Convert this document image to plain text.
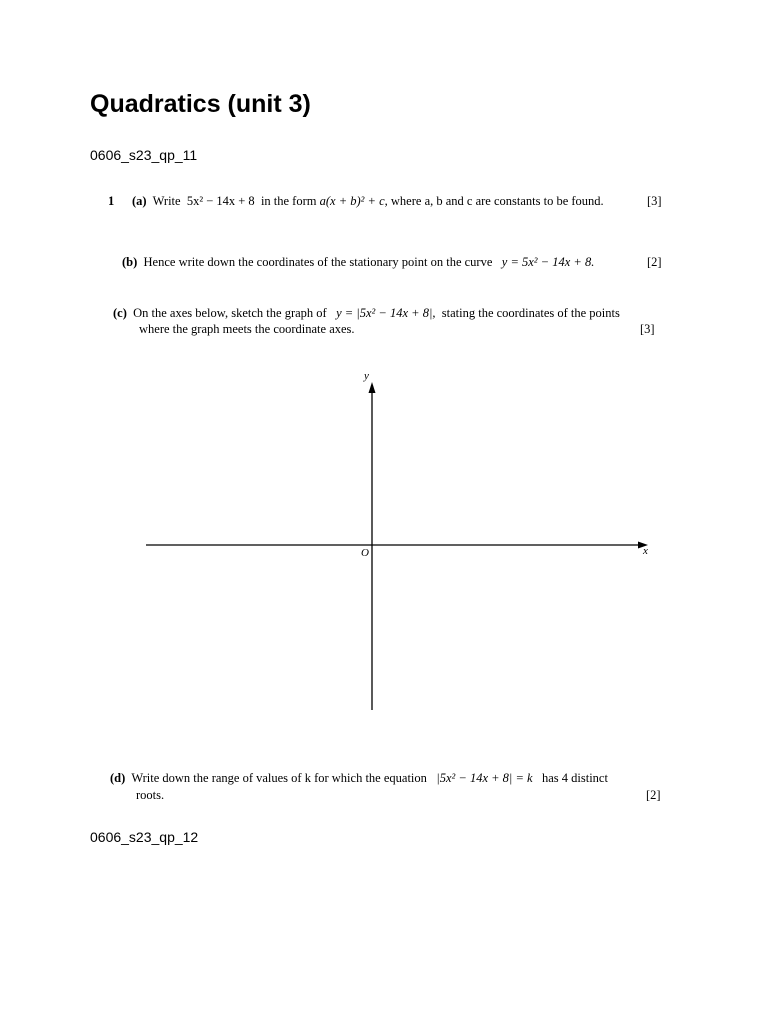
Quadratics (unit 3)
0606_s23_qp_11
1 (a) Write 5x² − 14x + 8 in the form a(x + b)² + c, where a, b and c are constants to be found.	[3]
(b) Hence write down the coordinates of the stationary point on the curve y = 5x² − 14x + 8.	[2]
(c) On the axes below, sketch the graph of y = |5x² − 14x + 8|, stating the coordinates of the points
where the graph meets the coordinate axes.	[3]
x
y
O
(d) Write down the range of values of k for which the equation |5x² − 14x + 8| = k has 4 distinct
roots.	[2]
0606_s23_qp_12
